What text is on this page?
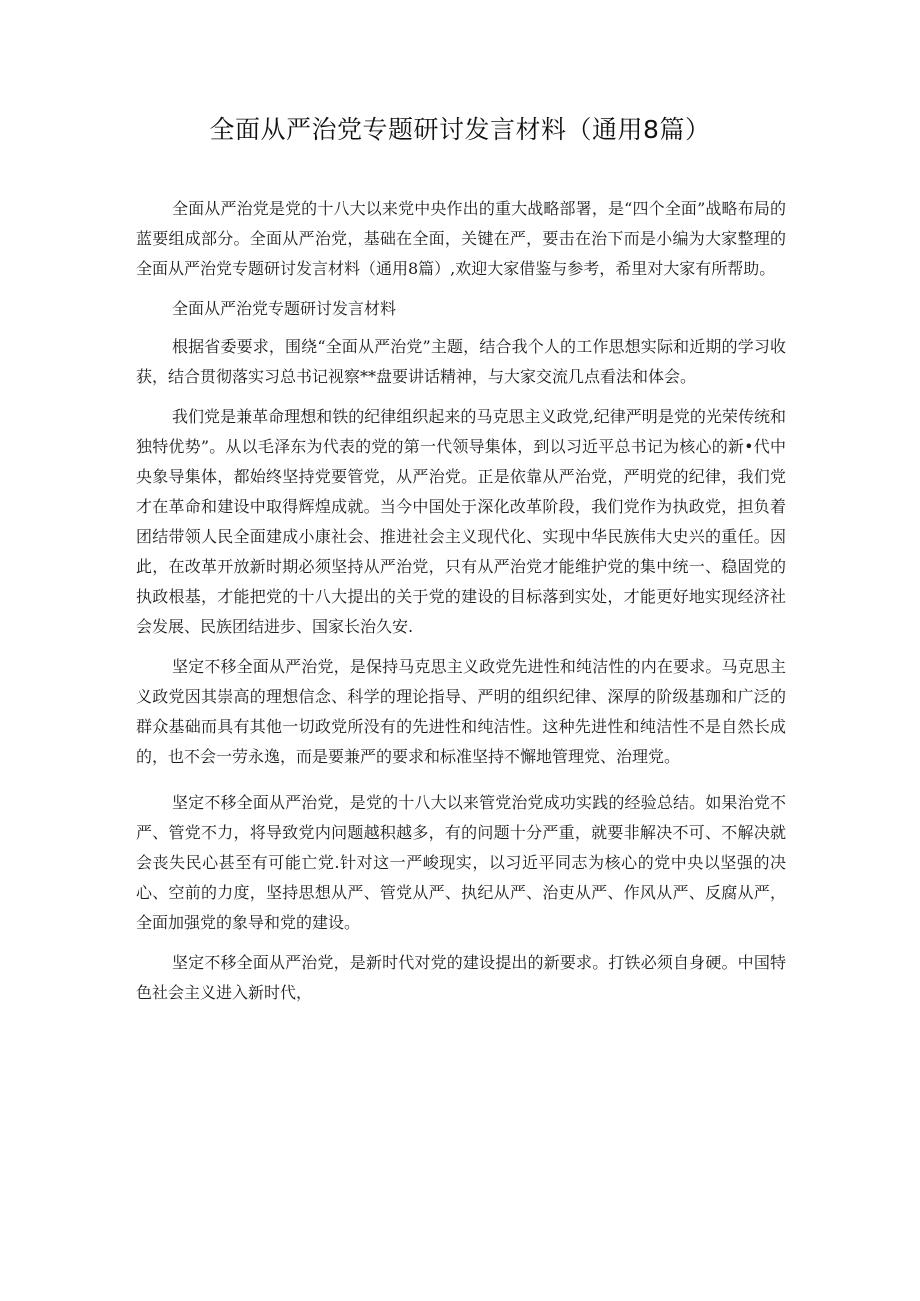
全面从严治党专题研讨发言材料（通用8篇）

全面从严治党是党的十八大以来党中央作出的重大战略部署，是“四个全面”战略布局的蓝要组成部分。全面从严治党，基础在全面，关键在严，要击在治下而是小编为大家整理的全面从严治党专题研讨发言材料（通用8篇）,欢迎大家借鉴与参考，希里对大家有所帮助。

全面从严治党专题研讨发言材料

根据省委要求，围绕“全面从严治党”主题，结合我个人的工作思想实际和近期的学习收获，结合贯彻落实习总书记视察**盘要讲话精神，与大家交流几点看法和体会。

我们党是兼革命理想和铁的纪律组织起来的马克思主义政党,纪律严明是党的光荣传统和独特优势”。从以毛泽东为代表的党的第一代领导集体，到以习近平总书记为核心的新•代中央象导集体，都始终坚持党要管党，从严治党。正是依靠从严治党，严明党的纪律，我们党才在革命和建设中取得辉煌成就。当今中国处于深化改革阶段，我们党作为执政党，担负着团结带领人民全面建成小康社会、推进社会主义现代化、实现中华民族伟大史兴的重任。因此，在改革开放新时期必须坚持从严治党，只有从严治党才能维护党的集中统一、稳固党的执政根基，才能把党的十八大提出的关于党的建设的目标落到实处，才能更好地实现经济社会发展、民族团结进步、国家长治久安.

坚定不移全面从严治党，是保持马克思主义政党先进性和纯洁性的内在要求。马克思主义政党因其崇高的理想信念、科学的理论指导、严明的组织纪律、深厚的阶级基珈和广泛的群众基础而具有其他一切政党所没有的先进性和纯洁性。这种先进性和纯洁性不是自然长成的，也不会一劳永逸，而是要兼严的要求和标准坚持不懈地管理党、治理党。

坚定不移全面从严治党，是党的十八大以来管党治党成功实践的经验总结。如果治党不严、管党不力，将导致党内问题越积越多，有的问题十分严重，就要非解决不可、不解决就会丧失民心甚至有可能亡党.针对这一严峻现实，以习近平同志为核心的党中央以坚强的决心、空前的力度，坚持思想从严、管党从严、执纪从严、治吏从严、作风从严、反腐从严，全面加强党的象导和党的建设。

坚定不移全面从严治党，是新时代对党的建设提出的新要求。打铁必须自身硬。中国特色社会主义进入新时代，
